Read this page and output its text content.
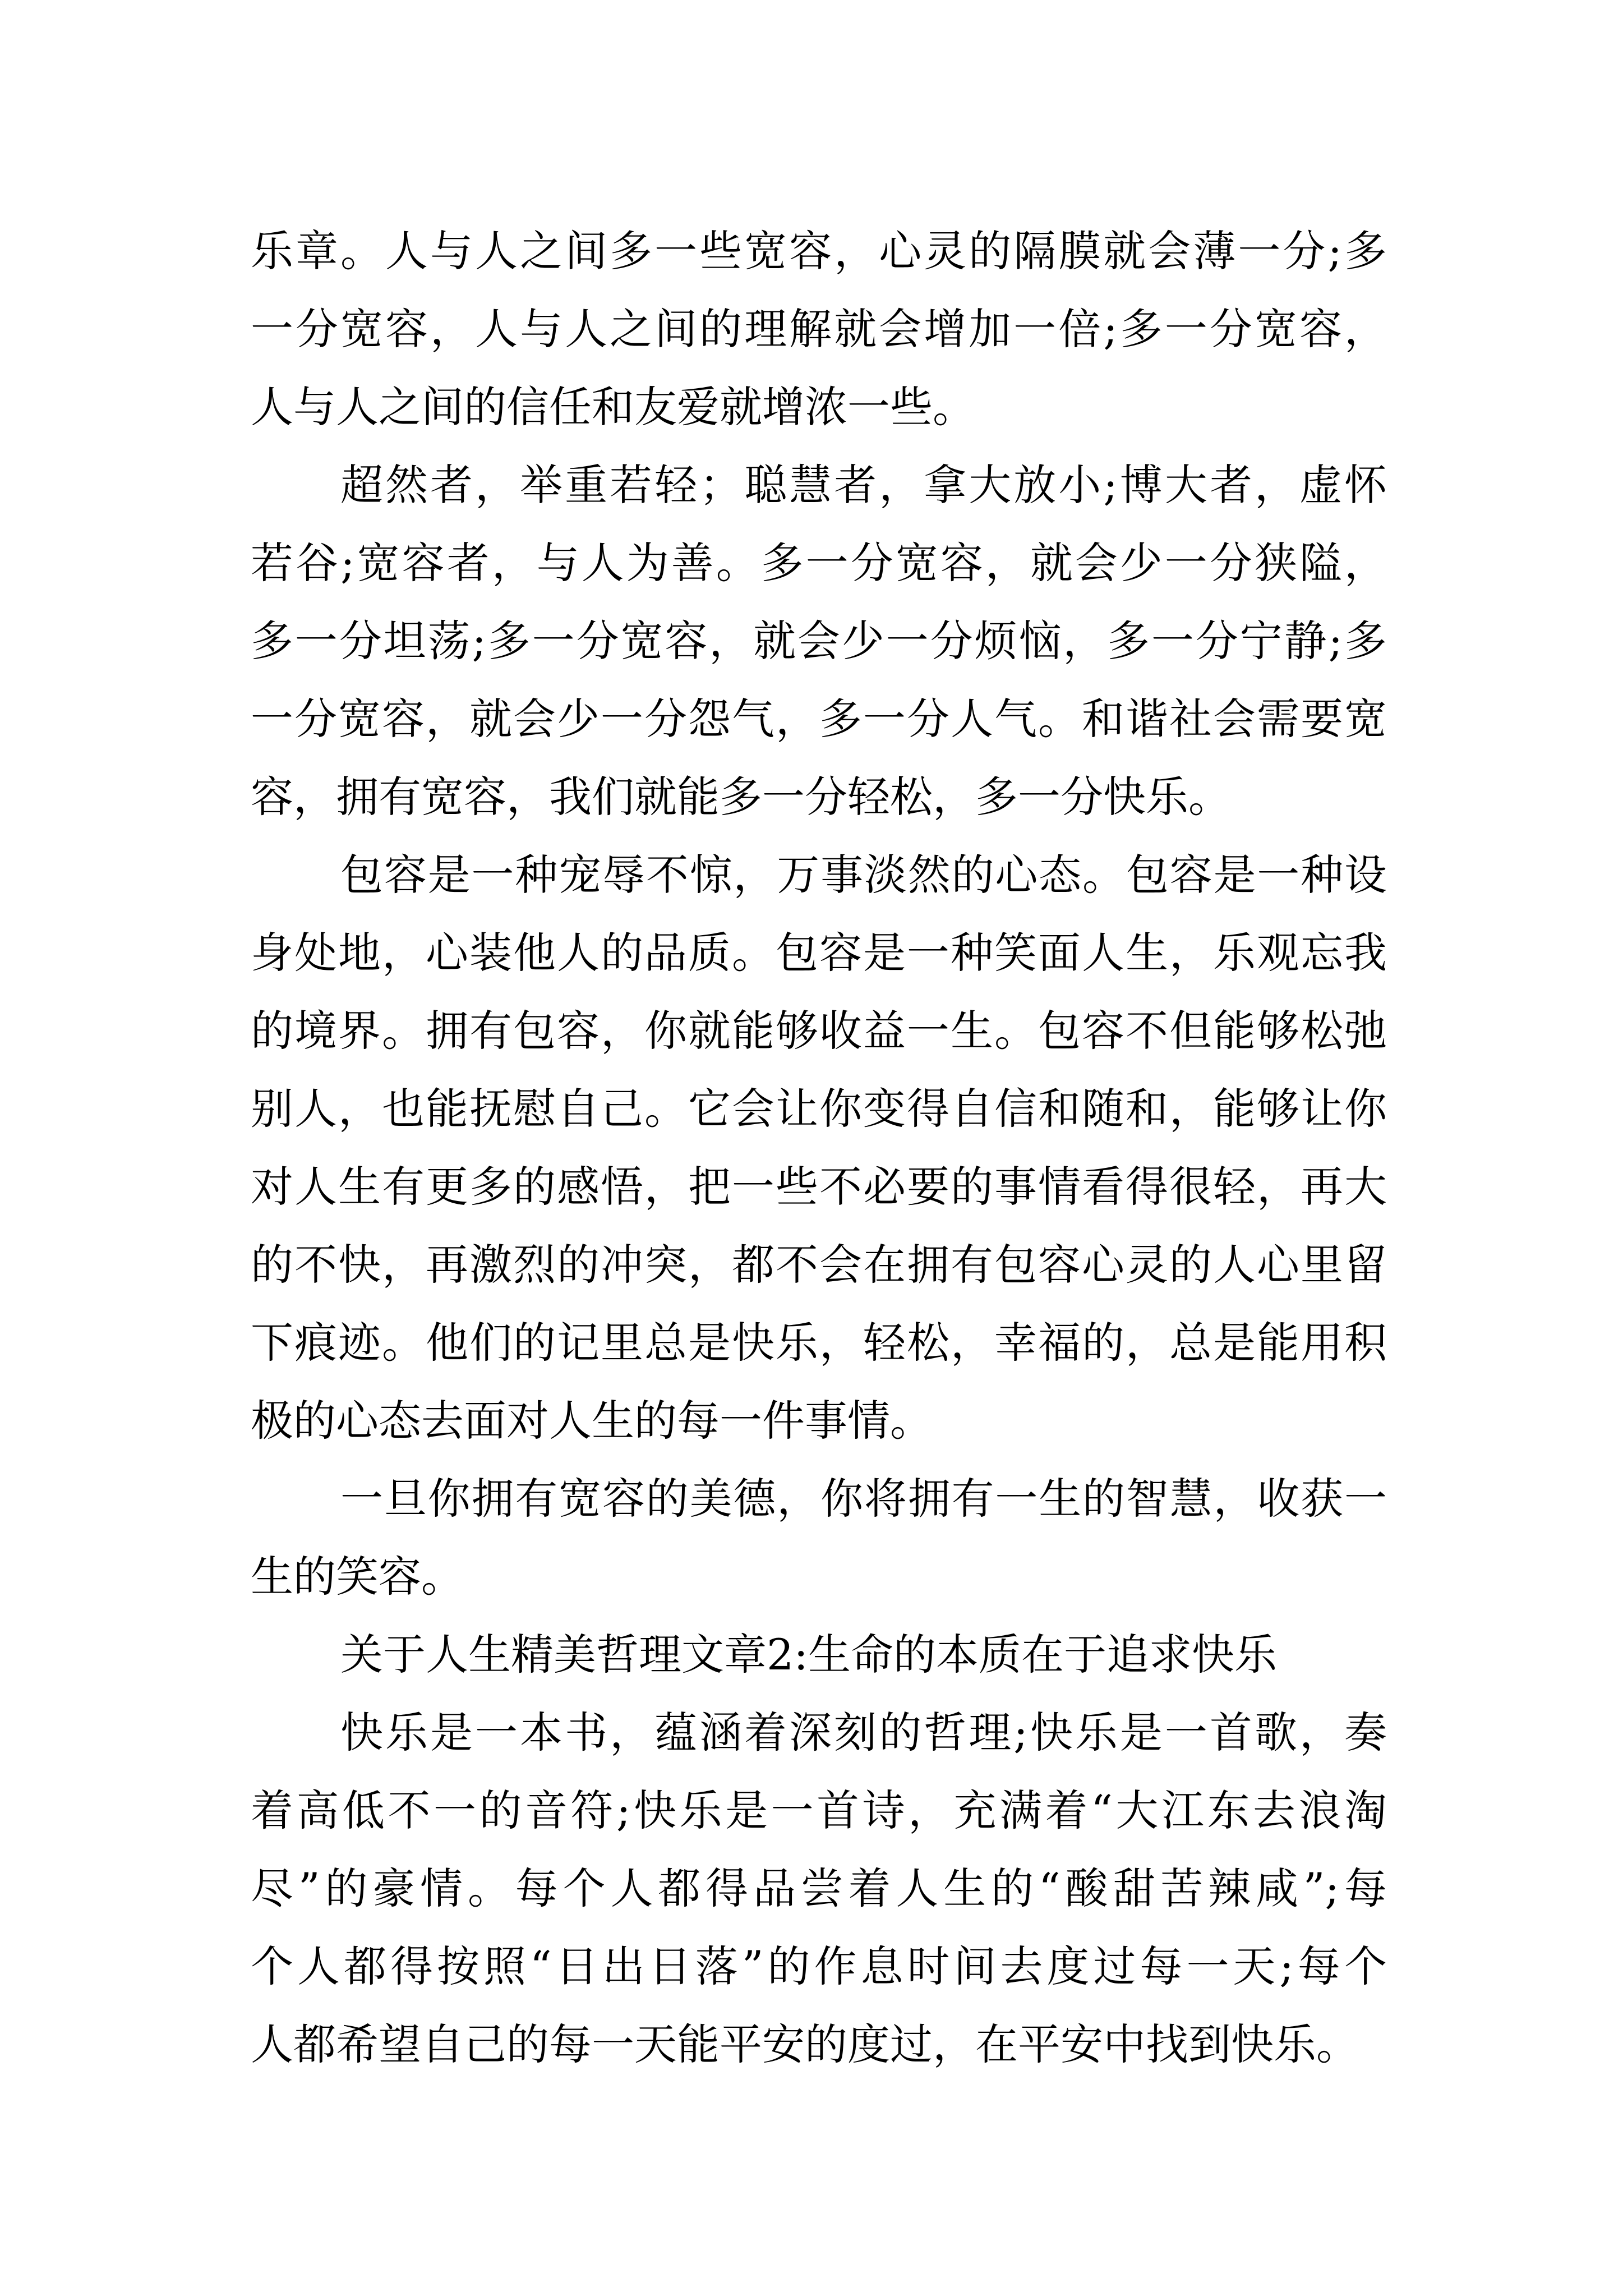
乐章。人与人之间多一些宽容，心灵的隔膜就会薄一分;多
一分宽容，人与人之间的理解就会增加一倍;多一分宽容，
人与人之间的信任和友爱就增浓一些。
超然者，举重若轻；聪慧者，拿大放小;博大者，虚怀
若谷;宽容者，与人为善。多一分宽容，就会少一分狭隘，
多一分坦荡;多一分宽容，就会少一分烦恼，多一分宁静;多
一分宽容，就会少一分怨气，多一分人气。和谐社会需要宽
容，拥有宽容，我们就能多一分轻松，多一分快乐。
包容是一种宠辱不惊，万事淡然的心态。包容是一种设
身处地，心装他人的品质。包容是一种笑面人生，乐观忘我
的境界。拥有包容，你就能够收益一生。包容不但能够松弛
别人，也能抚慰自己。它会让你变得自信和随和，能够让你
对人生有更多的感悟，把一些不必要的事情看得很轻，再大
的不快，再激烈的冲突，都不会在拥有包容心灵的人心里留
下痕迹。他们的记里总是快乐，轻松，幸福的，总是能用积
极的心态去面对人生的每一件事情。
一旦你拥有宽容的美德，你将拥有一生的智慧，收获一
生的笑容。
关于人生精美哲理文章2:生命的本质在于追求快乐
快乐是一本书，蕴涵着深刻的哲理;快乐是一首歌，奏
着高低不一的音符;快乐是一首诗，充满着“大江东去浪淘
尽”的豪情。每个人都得品尝着人生的“酸甜苦辣咸”;每
个人都得按照“日出日落”的作息时间去度过每一天;每个
人都希望自己的每一天能平安的度过，在平安中找到快乐。
